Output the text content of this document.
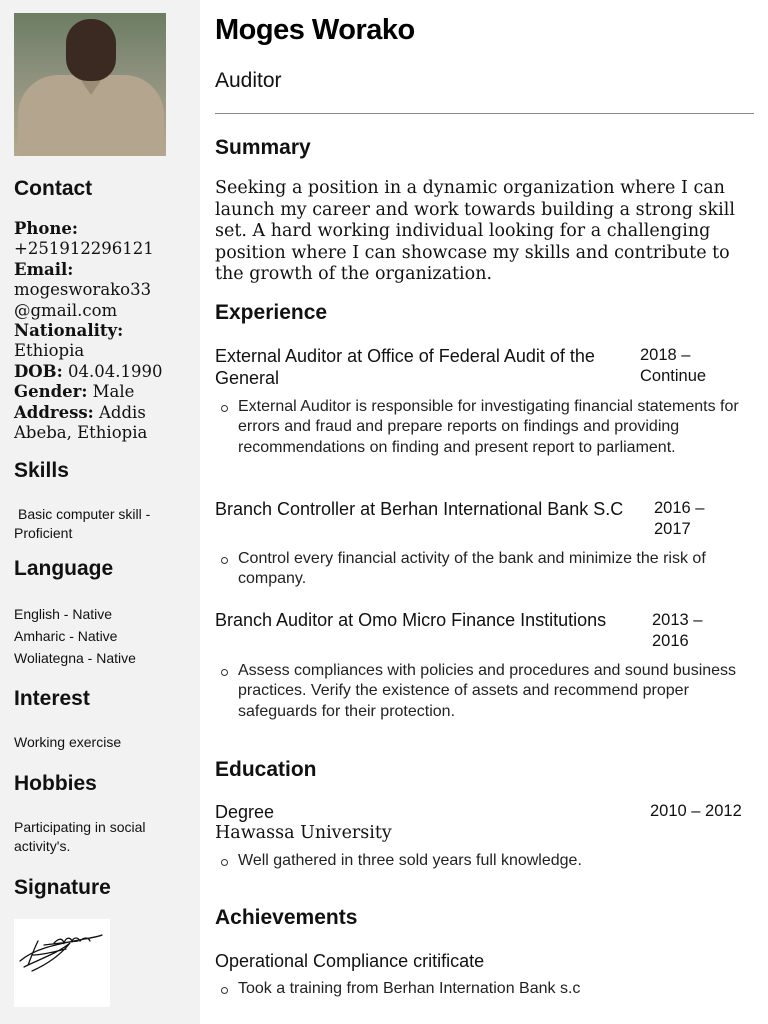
Contact
Phone:
+251912296121
Email:
mogesworako33 @gmail.com
Nationality:
Ethiopia
DOB: 04.04.1990
Gender: Male
Address: Addis Abeba, Ethiopia
Skills
Basic computer skill - Proficient
Language
English - Native
Amharic - Native
Woliategna - Native
Interest
Working exercise
Hobbies
Participating in social activity's.
Signature
Moges Worako
Auditor
Summary
Seeking a position in a dynamic organization where I can launch my career and work towards building a strong skill set. A hard working individual looking for a challenging position where I can showcase my skills and contribute to the growth of the organization.
Experience
External Auditor at Office of Federal Audit of the General
2018 – Continue
External Auditor is responsible for investigating financial statements for errors and fraud and prepare reports on findings and providing recommendations on finding and present report to parliament.
Branch Controller at Berhan International Bank S.C	2016 – 2017
Control every financial activity of the bank and minimize the risk of company.
Branch Auditor at Omo Micro Finance Institutions	2013 – 2016
Assess compliances with policies and procedures and sound business practices. Verify the existence of assets and recommend proper safeguards for their protection.
Education
Degree	2010 – 2012
Hawassa University
Well gathered in three sold years full knowledge.
Achievements
Operational Compliance critificate
Took a training from Berhan Internation Bank s.c
